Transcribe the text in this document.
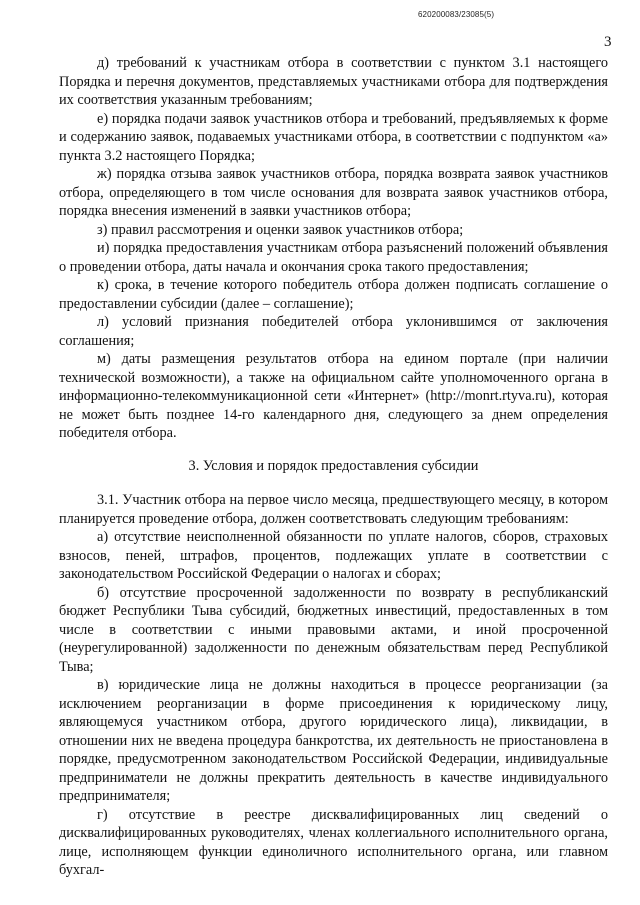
620200083/23085(5)
3

д) требований к участникам отбора в соответствии с пунктом 3.1 настоящего Порядка и перечня документов, представляемых участниками отбора для подтверждения их соответствия указанным требованиям;

е) порядка подачи заявок участников отбора и требований, предъявляемых к форме и содержанию заявок, подаваемых участниками отбора, в соответствии с подпунктом «а» пункта 3.2 настоящего Порядка;

ж) порядка отзыва заявок участников отбора, порядка возврата заявок участников отбора, определяющего в том числе основания для возврата заявок участников отбора, порядка внесения изменений в заявки участников отбора;

з) правил рассмотрения и оценки заявок участников отбора;

и) порядка предоставления участникам отбора разъяснений положений объявления о проведении отбора, даты начала и окончания срока такого предоставления;

к) срока, в течение которого победитель отбора должен подписать соглашение о предоставлении субсидии (далее – соглашение);

л) условий признания победителей отбора уклонившимся от заключения соглашения;

м) даты размещения результатов отбора на едином портале (при наличии технической возможности), а также на официальном сайте уполномоченного органа в информационно-телекоммуникационной сети «Интернет» (http://monrt.rtyva.ru), которая не может быть позднее 14-го календарного дня, следующего за днем определения победителя отбора.

3. Условия и порядок предоставления субсидии

3.1. Участник отбора на первое число месяца, предшествующего месяцу, в котором планируется проведение отбора, должен соответствовать следующим требованиям:

а) отсутствие неисполненной обязанности по уплате налогов, сборов, страховых взносов, пеней, штрафов, процентов, подлежащих уплате в соответствии с законодательством Российской Федерации о налогах и сборах;

б) отсутствие просроченной задолженности по возврату в республиканский бюджет Республики Тыва субсидий, бюджетных инвестиций, предоставленных в том числе в соответствии с иными правовыми актами, и иной просроченной (неурегулированной) задолженности по денежным обязательствам перед Республикой Тыва;

в) юридические лица не должны находиться в процессе реорганизации (за исключением реорганизации в форме присоединения к юридическому лицу, являющемуся участником отбора, другого юридического лица), ликвидации, в отношении них не введена процедура банкротства, их деятельность не приостановлена в порядке, предусмотренном законодательством Российской Федерации, индивидуальные предприниматели не должны прекратить деятельность в качестве индивидуального предпринимателя;

г) отсутствие в реестре дисквалифицированных лиц сведений о дисквалифицированных руководителях, членах коллегиального исполнительного органа, лице, исполняющем функции единоличного исполнительного органа, или главном бухгал-
